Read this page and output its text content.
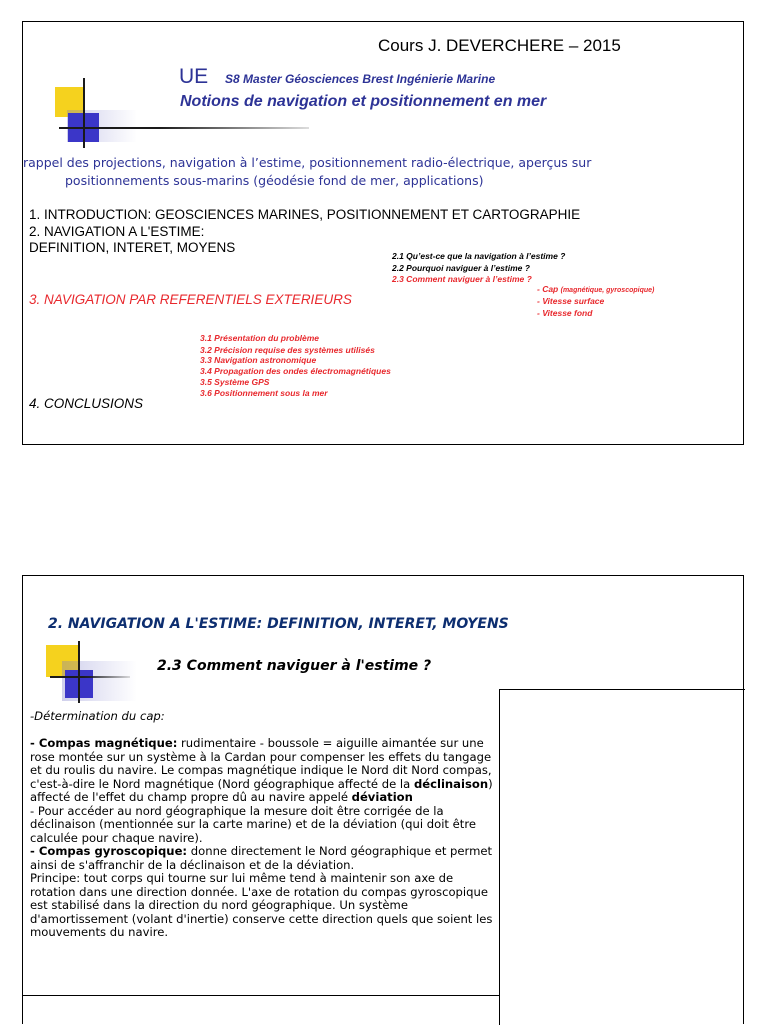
Cours J. DEVERCHERE – 2015
UE S8 Master Géosciences Brest Ingénierie Marine
Notions de navigation et positionnement en mer
rappel des projections, navigation à l’estime, positionnement radio-électrique, aperçus sur
positionnements sous-marins (géodésie fond de mer, applications)
1. INTRODUCTION: GEOSCIENCES MARINES, POSITIONNEMENT ET CARTOGRAPHIE
2. NAVIGATION A L'ESTIME:
DEFINITION, INTERET, MOYENS
2.1 Qu’est-ce que la navigation à l’estime ?
2.2 Pourquoi naviguer à l’estime ?
2.3 Comment naviguer à l’estime ?
- Cap (magnétique, gyroscopique)
- Vitesse surface
- Vitesse fond
3. NAVIGATION PAR REFERENTIELS EXTERIEURS
3.1 Présentation du problème
3.2 Précision requise des systèmes utilisés
3.3 Navigation astronomique
3.4 Propagation des ondes électromagnétiques
3.5 Système GPS
3.6 Positionnement sous la mer
4. CONCLUSIONS
2. NAVIGATION A L'ESTIME: DEFINITION, INTERET, MOYENS
2.3 Comment naviguer à l'estime ?

-Détermination du cap:

- Compas magnétique: rudimentaire - boussole = aiguille aimantée sur une rose montée sur un système à la Cardan pour compenser les effets du tangage et du roulis du navire. Le compas magnétique indique le Nord dit Nord compas, c'est-à-dire le Nord magnétique (Nord géographique affecté de la déclinaison) affecté de l'effet du champ propre dû au navire appelé déviation

- Pour accéder au nord géographique la mesure doit être corrigée de la déclinaison (mentionnée sur la carte marine) et de la déviation (qui doit être calculée pour chaque navire).

- Compas gyroscopique: donne directement le Nord géographique et permet ainsi de s'affranchir de la déclinaison et de la déviation.

Principe: tout corps qui tourne sur lui même tend à maintenir son axe de rotation dans une direction donnée. L'axe de rotation du compas gyroscopique est stabilisé dans la direction du nord géographique. Un système d'amortissement (volant d'inertie) conserve cette direction quels que soient les mouvements du navire.
